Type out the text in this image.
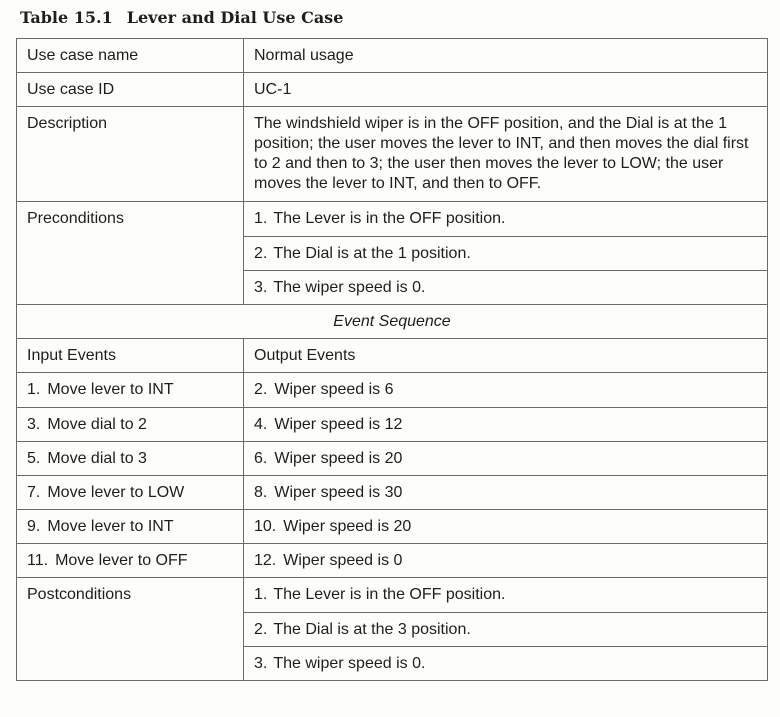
Table 15.1 Lever and Dial Use Case
Use case name	Normal usage
Use case ID	UC-1
Description	The windshield wiper is in the OFF position, and the Dial is at the 1 position; the user moves the lever to INT, and then moves the dial first to 2 and then to 3; the user then moves the lever to LOW; the user moves the lever to INT, and then to OFF.
Preconditions	1. The Lever is in the OFF position.
	2. The Dial is at the 1 position.
	3. The wiper speed is 0.
Event Sequence	
Input Events	Output Events
1. Move lever to INT	2. Wiper speed is 6
3. Move dial to 2	4. Wiper speed is 12
5. Move dial to 3	6. Wiper speed is 20
7. Move lever to LOW	8. Wiper speed is 30
9. Move lever to INT	10. Wiper speed is 20
11. Move lever to OFF	12. Wiper speed is 0
Postconditions	1. The Lever is in the OFF position.
	2. The Dial is at the 3 position.
	3. The wiper speed is 0.
